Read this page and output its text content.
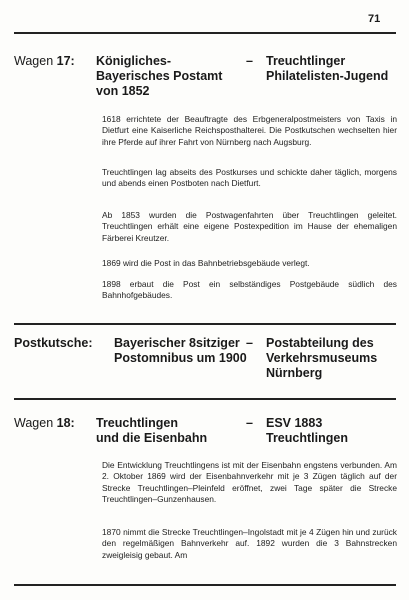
71
Wagen 17: Königliches-
Bayerisches Postamt
von 1852
– Treuchtlinger
Philatelisten-Jugend

1618 errichtete der Beauftragte des Erbgeneralpostmeisters von Taxis in Dietfurt eine Kaiserliche Reichsposthalterei. Die Postkutschen wechselten hier ihre Pferde auf ihrer Fahrt von Nürnberg nach Augsburg.

Treuchtlingen lag abseits des Postkurses und schickte daher täglich, morgens und abends einen Postboten nach Dietfurt.

Ab 1853 wurden die Postwagenfahrten über Treuchtlingen geleitet. Treuchtlingen erhält eine eigene Postexpedition im Hause der ehemaligen Färberei Kreutzer.

1869 wird die Post in das Bahnbetriebsgebäude verlegt.

1898 erbaut die Post ein selbständiges Postgebäude südlich des Bahnhofgebäudes.

Postkutsche: Bayerischer 8sitziger
Postomnibus um 1900
– Postabteilung des
Verkehrsmuseums
Nürnberg
Wagen 18: Treuchtlingen
und die Eisenbahn
– ESV 1883
Treuchtlingen

Die Entwicklung Treuchtlingens ist mit der Eisenbahn engstens verbunden. Am 2. Oktober 1869 wird der Eisenbahnverkehr mit je 3 Zügen täglich auf der Strecke Treuchtlingen–Pleinfeld eröffnet, zwei Tage später die Strecke Treuchtlingen–Gunzenhausen.

1870 nimmt die Strecke Treuchtlingen–Ingolstadt mit je 4 Zügen hin und zurück den regelmäßigen Bahnverkehr auf. 1892 wurden die 3 Bahnstrecken zweigleisig gebaut. Am
